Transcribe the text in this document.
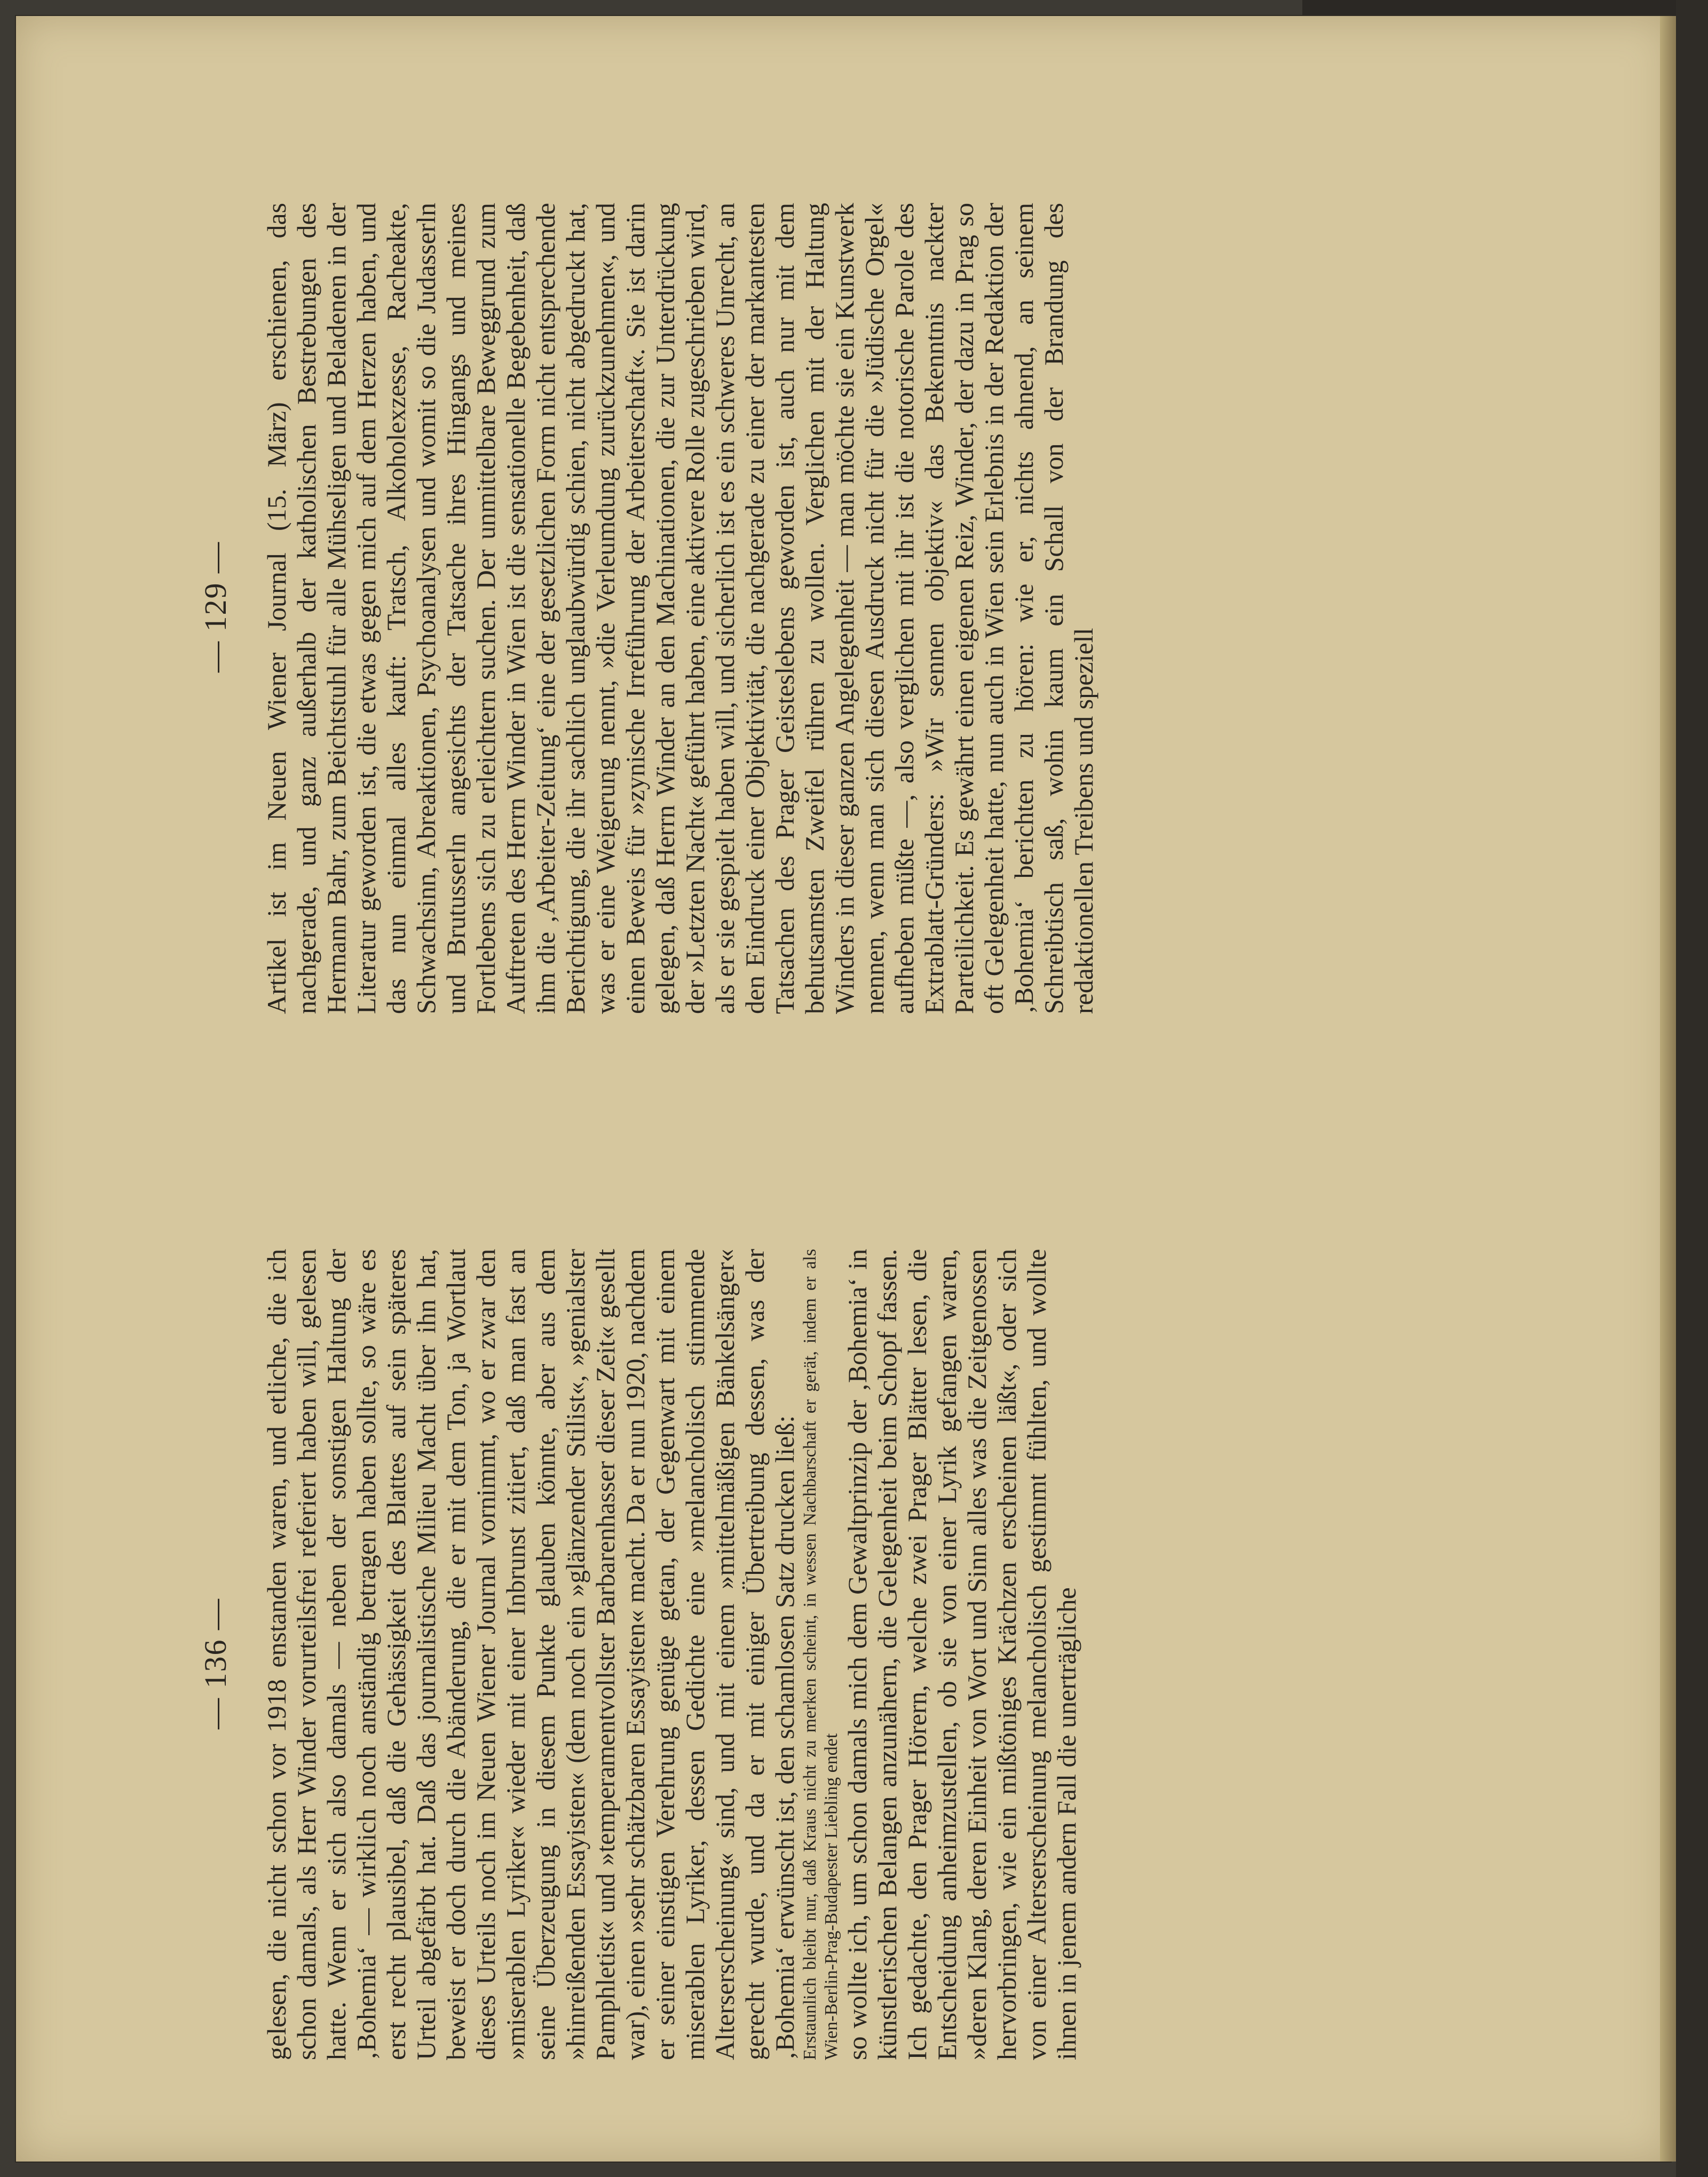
— 136 — gelesen, die nicht schon vor 1918 enstanden waren, und etliche, die ich schon damals, als Herr Winder vorurteilsfrei referiert haben will, gelesen hatte. Wenn er sich also damals — neben der sonstigen Haltung der ‚Bohemia‘ — wirklich noch anständig betragen haben sollte, so wäre es erst recht plausibel, daß die Gehässigkeit des Blattes auf sein späteres Urteil abgefärbt hat. Daß das journalistische Milieu Macht über ihn hat, beweist er doch durch die Abänderung, die er mit dem Ton, ja Wortlaut dieses Urteils noch im Neuen Wiener Journal vornimmt, wo er zwar den »miserablen Lyriker« wieder mit einer Inbrunst zitiert, daß man fast an seine Überzeugung in diesem Punkte glauben könnte, aber aus dem »hinreißenden Essayisten« (dem noch ein »glänzender Stilist«, »genialster Pamphletist« und »temperamentvollster Barbarenhasser dieser Zeit« gesellt war), einen »sehr schätzbaren Essayisten« macht. Da er nun 1920, nachdem er seiner einstigen Verehrung genüge getan, der Gegenwart mit einem miserablen Lyriker, dessen Gedichte eine »melancholisch stimmende Alterserscheinung« sind, und mit einem »mittelmäßigen Bänkelsänger« gerecht wurde, und da er mit einiger Übertreibung dessen, was der ‚Bohemia‘ erwünscht ist, den schamlosen Satz drucken ließ: Erstaunlich bleibt nur, daß Kraus nicht zu merken scheint, in wessen Nachbarschaft er gerät, indem er als Wien-Berlin-Prag-Budapester Liebling endet so wollte ich, um schon damals mich dem Gewaltprinzip der ‚Bohemia‘ in künstlerischen Belangen anzunähern, die Gelegenheit beim Schopf fassen. Ich gedachte, den Prager Hörern, welche zwei Prager Blätter lesen, die Entscheidung anheimzustellen, ob sie von einer Lyrik gefangen waren, »deren Klang, deren Einheit von Wort und Sinn alles was die Zeitgenossen hervorbringen, wie ein mißtöniges Krächzen erscheinen läßt«, oder sich von einer Alterserscheinung melancholisch gestimmt fühlten, und wollte ihnen in jenem andern Fall die unerträgliche

— 129 — Artikel ist im Neuen Wiener Journal (15. März) erschienen, das nachgerade, und ganz außerhalb der katholischen Bestrebungen des Hermann Bahr, zum Beichtstuhl für alle Mühseligen und Beladenen in der Literatur geworden ist, die etwas gegen mich auf dem Herzen haben, und das nun einmal alles kauft: Tratsch, Alkoholexzesse, Racheakte, Schwachsinn, Abreaktionen, Psychoanalysen und womit so die Judasserln und Brutusserln angesichts der Tatsache ihres Hingangs und meines Fortlebens sich zu erleichtern suchen. Der unmittelbare Beweggrund zum Auftreten des Herrn Winder in Wien ist die sensationelle Begebenheit, daß ihm die ‚Arbeiter-Zeitung‘ eine der gesetzlichen Form nicht entsprechende Berichtigung, die ihr sachlich unglaubwürdig schien, nicht abgedruckt hat, was er eine Weigerung nennt, »die Verleumdung zurückzunehmen«, und einen Beweis für »zynische Irreführung der Arbeiterschaft«. Sie ist darin gelegen, daß Herrn Winder an den Machinationen, die zur Unterdrückung der »Letzten Nacht« geführt haben, eine aktivere Rolle zugeschrieben wird, als er sie gespielt haben will, und sicherlich ist es ein schweres Unrecht, an den Eindruck einer Objektivität, die nachgerade zu einer der markantesten Tatsachen des Prager Geisteslebens geworden ist, auch nur mit dem behutsamsten Zweifel rühren zu wollen. Verglichen mit der Haltung Winders in dieser ganzen Angelegenheit — man möchte sie ein Kunstwerk nennen, wenn man sich diesen Ausdruck nicht für die »Jüdische Orgel« aufheben müßte —, also verglichen mit ihr ist die notorische Parole des Extrablatt-Gründers: »Wir sennen objektiv« das Bekenntnis nackter Parteilichkeit. Es gewährt einen eigenen Reiz, Winder, der dazu in Prag so oft Gelegenheit hatte, nun auch in Wien sein Erlebnis in der Redaktion der ‚Bohemia‘ berichten zu hören: wie er, nichts ahnend, an seinem Schreibtisch saß, wohin kaum ein Schall von der Brandung des redaktionellen Treibens und speziell
